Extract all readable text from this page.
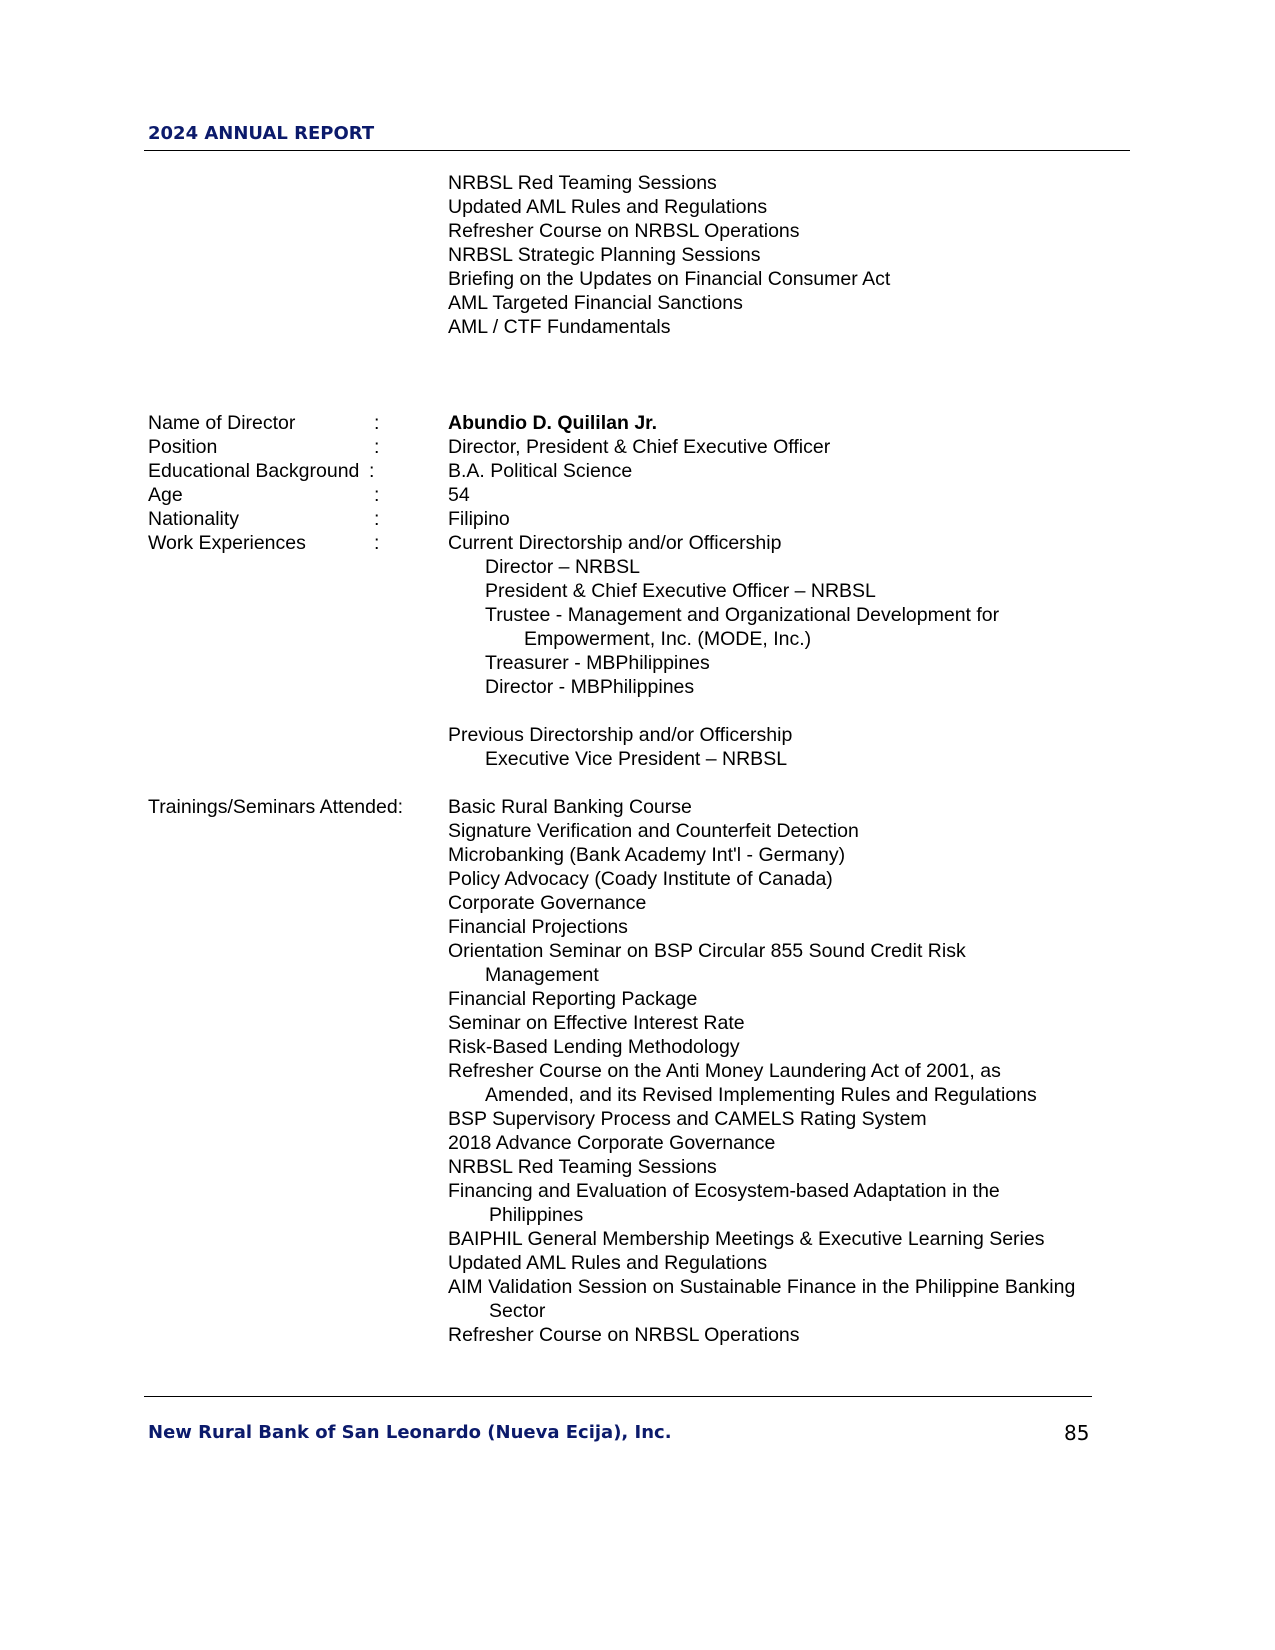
2024 ANNUAL REPORT
NRBSL Red Teaming Sessions
Updated AML Rules and Regulations
Refresher Course on NRBSL Operations
NRBSL Strategic Planning Sessions
Briefing on the Updates on Financial Consumer Act
AML Targeted Financial Sanctions
AML / CTF Fundamentals
Name of Director	:	Abundio D. Quililan Jr.
Position	:	Director, President & Chief Executive Officer
Educational Background :	B.A. Political Science
Age	:	54
Nationality	:	Filipino
Work Experiences	:	Current Directorship and/or Officership
Director – NRBSL
President & Chief Executive Officer – NRBSL
Trustee - Management and Organizational Development for
Empowerment, Inc. (MODE, Inc.)
Treasurer - MBPhilippines
Director - MBPhilippines
Previous Directorship and/or Officership
Executive Vice President – NRBSL
Trainings/Seminars Attended: Basic Rural Banking Course
Signature Verification and Counterfeit Detection
Microbanking (Bank Academy Int'l - Germany)
Policy Advocacy (Coady Institute of Canada)
Corporate Governance
Financial Projections
Orientation Seminar on BSP Circular 855 Sound Credit Risk
Management
Financial Reporting Package
Seminar on Effective Interest Rate
Risk-Based Lending Methodology
Refresher Course on the Anti Money Laundering Act of 2001, as
Amended, and its Revised Implementing Rules and Regulations
BSP Supervisory Process and CAMELS Rating System
2018 Advance Corporate Governance
NRBSL Red Teaming Sessions
Financing and Evaluation of Ecosystem-based Adaptation in the
Philippines
BAIPHIL General Membership Meetings & Executive Learning Series
Updated AML Rules and Regulations
AIM Validation Session on Sustainable Finance in the Philippine Banking
Sector
Refresher Course on NRBSL Operations
New Rural Bank of San Leonardo (Nueva Ecija), Inc.	85
